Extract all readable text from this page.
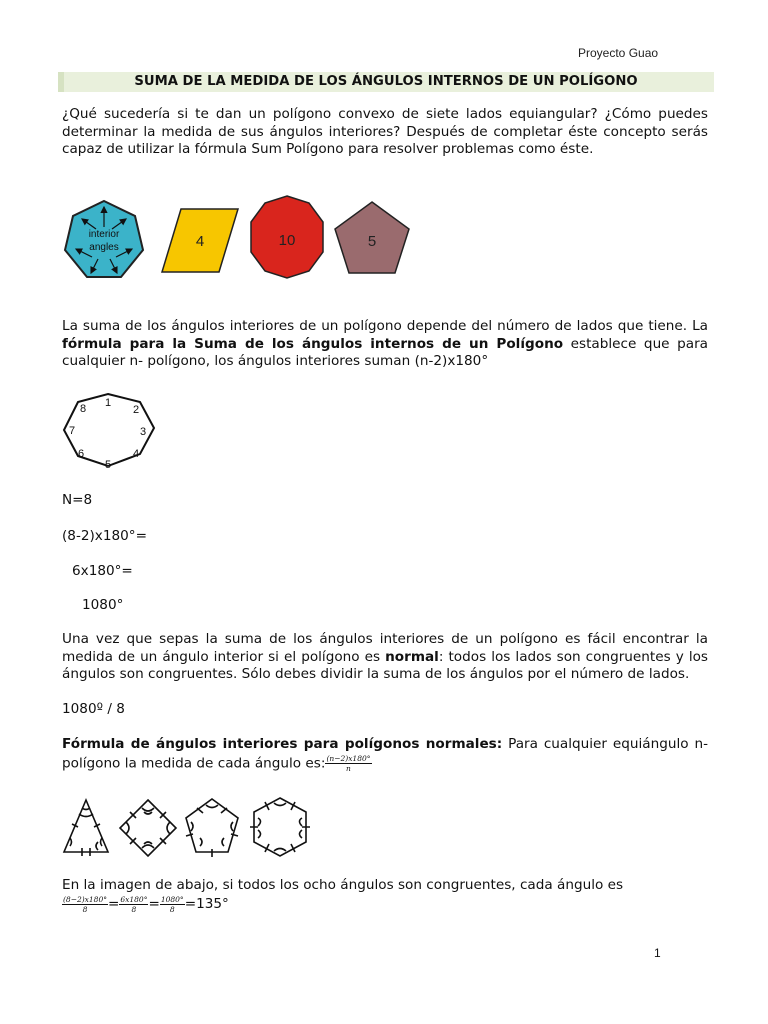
Proyecto Guao
SUMA DE LA MEDIDA DE LOS ÁNGULOS INTERNOS DE UN POLÍGONO
¿Qué sucedería si te dan un polígono convexo de siete lados equiangular? ¿Cómo puedes determinar la medida de sus ángulos interiores? Después de completar éste concepto serás capaz de utilizar la fórmula Sum Polígono para resolver problemas como éste.
interior
angles	4	5
10
La suma de los ángulos interiores de un polígono depende del número de lados que tiene. La fórmula para la Suma de los ángulos internos de un Polígono establece que para cualquier n- polígono, los ángulos interiores suman (n-2)x180°
1
2
3
4
5
6
7
8
N=8
(8-2)x180°=
6x180°=
1080°
Una vez que sepas la suma de los ángulos interiores de un polígono es fácil encontrar la medida de un ángulo interior si el polígono es normal: todos los lados son congruentes y los ángulos son congruentes. Sólo debes dividir la suma de los ángulos por el número de lados.
1080º / 8
Fórmula de ángulos interiores para polígonos normales: Para cualquier equiángulo n-polígono la medida de cada ángulo es: $\frac{(n-2)x180^\circ}{n}$
En la imagen de abajo, si todos los ocho ángulos son congruentes, cada ángulo es
$\frac{(8-2)x180^\circ}{8} = \frac{6x180^\circ}{8} = \frac{1080^\circ}{8} =135^\circ$
1
